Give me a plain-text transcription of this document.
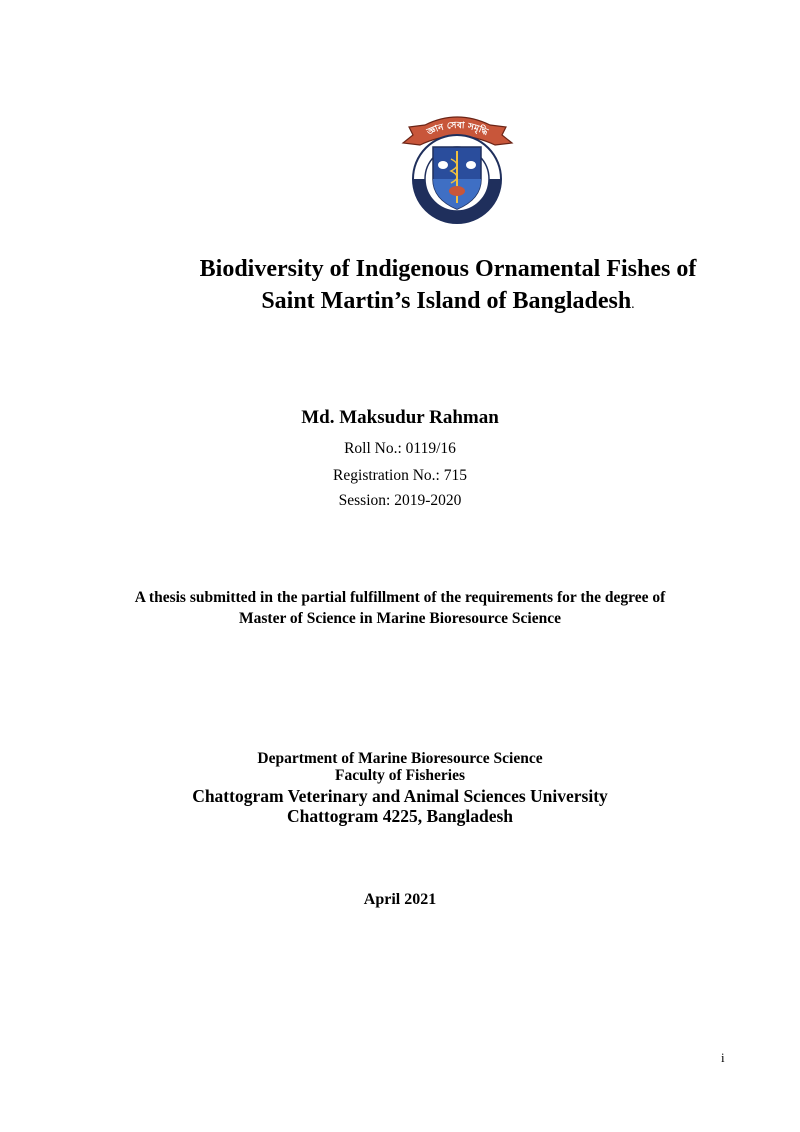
জ্ঞান সেবা সমৃদ্ধি
Biodiversity of Indigenous Ornamental Fishes of
Saint Martin’s Island of Bangladesh.
Md. Maksudur Rahman
Roll No.: 0119/16
Registration No.: 715
Session: 2019-2020
A thesis submitted in the partial fulfillment of the requirements for the degree of
Master of Science in Marine Bioresource Science
Department of Marine Bioresource Science
Faculty of Fisheries
Chattogram Veterinary and Animal Sciences University
Chattogram 4225, Bangladesh
April 2021
i
